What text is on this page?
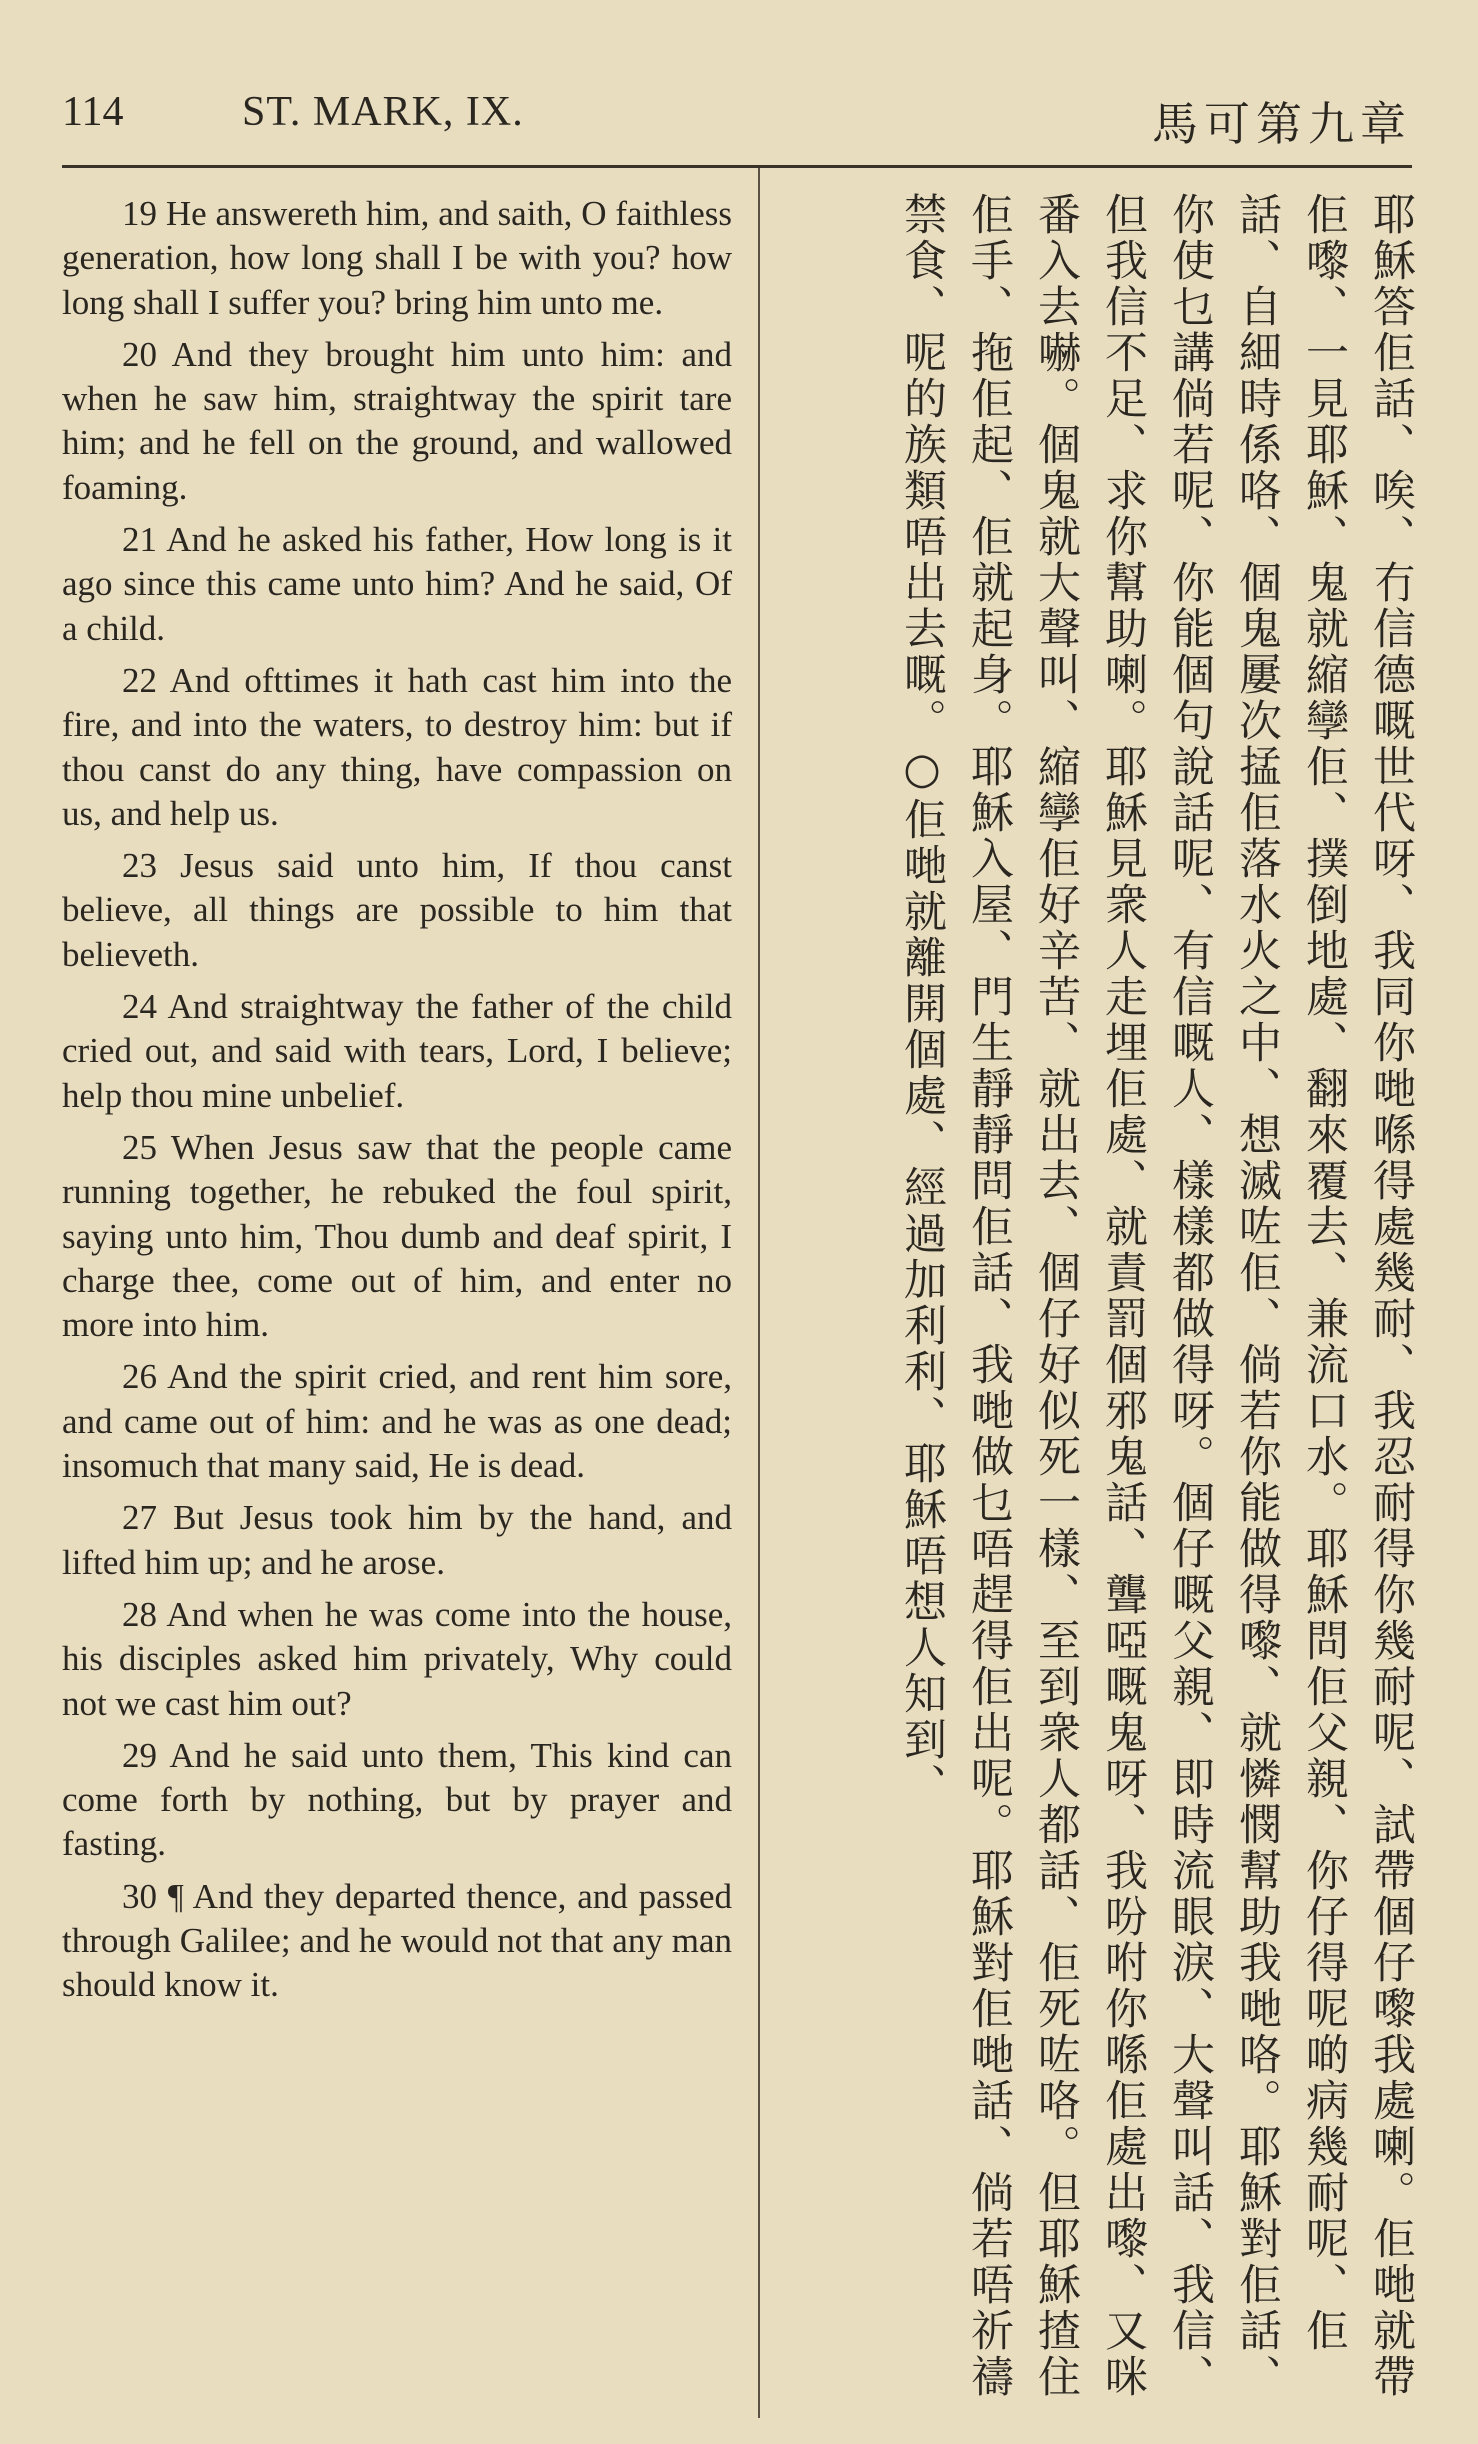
114	ST. MARK, IX.	馬可第九章

19 He answereth him, and saith, O faithless generation, how long shall I be with you? how long shall I suffer you? bring him unto me.

20 And they brought him unto him: and when he saw him, straightway the spirit tare him; and he fell on the ground, and wallowed foaming.

21 And he asked his father, How long is it ago since this came unto him? And he said, Of a child.

22 And ofttimes it hath cast him into the fire, and into the waters, to destroy him: but if thou canst do any thing, have compassion on us, and help us.

23 Jesus said unto him, If thou canst believe, all things are possible to him that believeth.

24 And straightway the father of the child cried out, and said with tears, Lord, I believe; help thou mine unbelief.

25 When Jesus saw that the people came running together, he rebuked the foul spirit, saying unto him, Thou dumb and deaf spirit, I charge thee, come out of him, and enter no more into him.

26 And the spirit cried, and rent him sore, and came out of him: and he was as one dead; insomuch that many said, He is dead.

27 But Jesus took him by the hand, and lifted him up; and he arose.

28 And when he was come into the house, his disciples asked him privately, Why could not we cast him out?

29 And he said unto them, This kind can come forth by nothing, but by prayer and fasting.

30 ¶ And they departed thence, and passed through Galilee; and he would not that any man should know it.	耶穌答佢話、唉、冇信德嘅世代呀、我同你哋喺得處幾耐、我忍耐得你幾耐呢、試帶個仔嚟我處喇。佢哋就帶佢嚟、一見耶穌、鬼就縮孿佢、撲倒地處、翻來覆去、兼流口水。耶穌問佢父親、你仔得呢啲病幾耐呢、佢話、自細時係咯、個鬼屢次掹佢落水火之中、想滅咗佢、倘若你能做得嚟、就憐憫幫助我哋咯。耶穌對佢話、你使乜講倘若呢、你能個句說話呢、有信嘅人、樣樣都做得呀。個仔嘅父親、即時流眼淚、大聲叫話、我信、但我信不足、求你幫助喇。耶穌見衆人走埋佢處、就責罰個邪鬼話、聾啞嘅鬼呀、我吩咐你喺佢處出嚟、又咪番入去嚇。個鬼就大聲叫、縮孿佢好辛苦、就出去、個仔好似死一樣、至到衆人都話、佢死咗咯。但耶穌揸住佢手、拖佢起、佢就起身。耶穌入屋、門生靜靜問佢話、我哋做乜唔趕得佢出呢。耶穌對佢哋話、倘若唔祈禱禁食、呢的族類唔出去嘅。○佢哋就離開個處、經過加利利、耶穌唔想人知到、
